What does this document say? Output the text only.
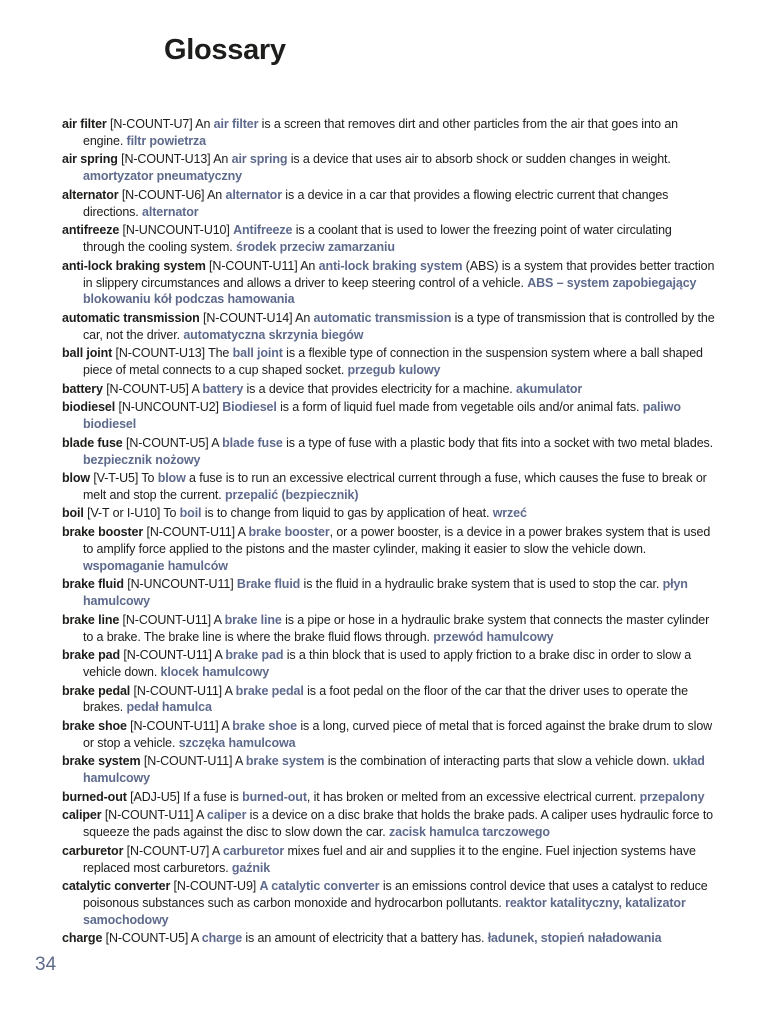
Glossary

air filter [N-COUNT-U7] An air filter is a screen that removes dirt and other particles from the air that goes into an engine. filtr powietrza

air spring [N-COUNT-U13] An air spring is a device that uses air to absorb shock or sudden changes in weight. amortyzator pneumatyczny

alternator [N-COUNT-U6] An alternator is a device in a car that provides a flowing electric current that changes directions. alternator

antifreeze [N-UNCOUNT-U10] Antifreeze is a coolant that is used to lower the freezing point of water circulating through the cooling system. środek przeciw zamarzaniu

anti-lock braking system [N-COUNT-U11] An anti-lock braking system (ABS) is a system that provides better traction in slippery circumstances and allows a driver to keep steering control of a vehicle. ABS – system zapobiegający blokowaniu kół podczas hamowania

automatic transmission [N-COUNT-U14] An automatic transmission is a type of transmission that is controlled by the car, not the driver. automatyczna skrzynia biegów

ball joint [N-COUNT-U13] The ball joint is a flexible type of connection in the suspension system where a ball shaped piece of metal connects to a cup shaped socket. przegub kulowy

battery [N-COUNT-U5] A battery is a device that provides electricity for a machine. akumulator

biodiesel [N-UNCOUNT-U2] Biodiesel is a form of liquid fuel made from vegetable oils and/or animal fats. paliwo biodiesel

blade fuse [N-COUNT-U5] A blade fuse is a type of fuse with a plastic body that fits into a socket with two metal blades. bezpiecznik nożowy

blow [V-T-U5] To blow a fuse is to run an excessive electrical current through a fuse, which causes the fuse to break or melt and stop the current. przepalić (bezpiecznik)

boil [V-T or I-U10] To boil is to change from liquid to gas by application of heat. wrzeć

brake booster [N-COUNT-U11] A brake booster, or a power booster, is a device in a power brakes system that is used to amplify force applied to the pistons and the master cylinder, making it easier to slow the vehicle down. wspomaganie hamulców

brake fluid [N-UNCOUNT-U11] Brake fluid is the fluid in a hydraulic brake system that is used to stop the car. płyn hamulcowy

brake line [N-COUNT-U11] A brake line is a pipe or hose in a hydraulic brake system that connects the master cylinder to a brake. The brake line is where the brake fluid flows through. przewód hamulcowy

brake pad [N-COUNT-U11] A brake pad is a thin block that is used to apply friction to a brake disc in order to slow a vehicle down. klocek hamulcowy

brake pedal [N-COUNT-U11] A brake pedal is a foot pedal on the floor of the car that the driver uses to operate the brakes. pedał hamulca

brake shoe [N-COUNT-U11] A brake shoe is a long, curved piece of metal that is forced against the brake drum to slow or stop a vehicle. szczęka hamulcowa

brake system [N-COUNT-U11] A brake system is the combination of interacting parts that slow a vehicle down. układ hamulcowy

burned-out [ADJ-U5] If a fuse is burned-out, it has broken or melted from an excessive electrical current. przepalony

caliper [N-COUNT-U11] A caliper is a device on a disc brake that holds the brake pads. A caliper uses hydraulic force to squeeze the pads against the disc to slow down the car. zacisk hamulca tarczowego

carburetor [N-COUNT-U7] A carburetor mixes fuel and air and supplies it to the engine. Fuel injection systems have replaced most carburetors. gaźnik

catalytic converter [N-COUNT-U9] A catalytic converter is an emissions control device that uses a catalyst to reduce poisonous substances such as carbon monoxide and hydrocarbon pollutants. reaktor katalityczny, katalizator samochodowy

charge [N-COUNT-U5] A charge is an amount of electricity that a battery has. ładunek, stopień naładowania

34
